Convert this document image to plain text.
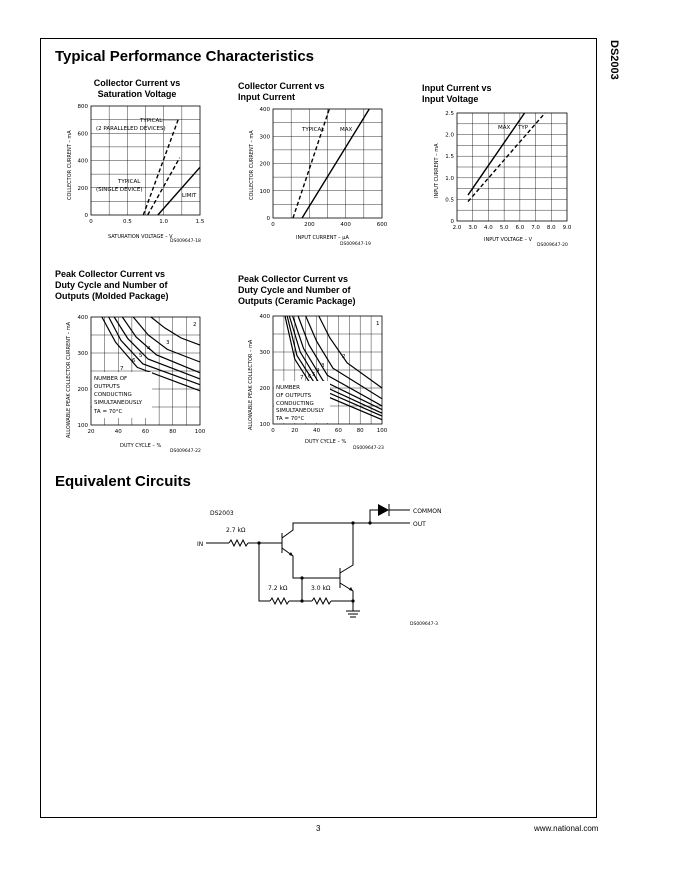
DS2003
Typical Performance Characteristics
Collector Current vs
Saturation Voltage
Collector Current vs
Input Current
Input Current vs
Input Voltage
Peak Collector Current vs
Duty Cycle and Number of
Outputs (Molded Package)
Peak Collector Current vs
Duty Cycle and Number of
Outputs (Ceramic Package)
0	0.5	1.0	1.5
0
200
400
600
800
SATURATION VOLTAGE – V
COLLECTOR CURRENT – mA
DS009647-18
TYPICAL
(2 PARALLELED DEVICES)
TYPICAL
(SINGLE DEVICE)
LIMIT
0	200	400	600
0
100
200
300
400
INPUT CURRENT – μA
COLLECTOR CURRENT – mA
DS009647-19
TYPICAL	MAX
2.0 3.0 4.0 5.0 6.0 7.0 8.0 9.0
0
0.5
1.0
1.5
2.0
2.5
INPUT VOLTAGE – V
INPUT CURRENT – mA
DS009647-20
MAX TYP
20	40	60	80	100
100
200
300
400
2
3
4
5
6
7
NUMBER OF
OUTPUTS
CONDUCTING
SIMULTANEOUSLY
TA = 70°C
DUTY CYCLE – %
ALLOWABLE PEAK COLLECTOR CURRENT – mA
DS009647-22
0	20	40	60	80 100
100
200
300
400
1
2
3
4
5
6
7
NUMBER
OF OUTPUTS
CONDUCTING
SIMULTANEOUSLY
TA = 70°C
DUTY CYCLE – %
ALLOWABLE PEAK COLLECTOR – mA
DS009647-23
Equivalent Circuits
DS2003
IN
2.7 kΩ
7.2 kΩ	3.0 kΩ
COMMON
OUT
DS009647-3
3	www.national.com
